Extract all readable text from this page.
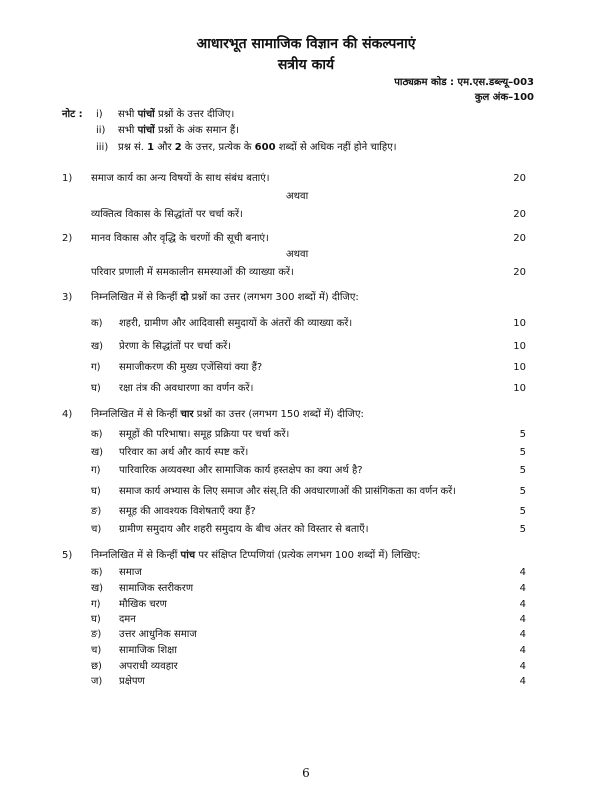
आधारभूत सामाजिक विज्ञान की संकल्पनाएं
सत्रीय कार्य
पाठ्यक्रम कोड : एम.एस.डब्ल्यू–003
कुल अंक–100
नोट : i) सभी पांचों प्रश्नों के उत्तर दीजिए।
ii) सभी पांचों प्रश्नों के अंक समान हैं।
iii) प्रश्न सं. 1 और 2 के उत्तर, प्रत्येक के 600 शब्दों से अधिक नहीं होने चाहिए।
1) समाज कार्य का अन्य विषयों के साथ संबंध बताएं।	20
अथवा
व्यक्तित्व विकास के सिद्धांतों पर चर्चा करें।	20
2) मानव विकास और वृद्धि के चरणों की सूची बनाएं।	20
अथवा
परिवार प्रणाली में समकालीन समस्याओं की व्याख्या करें।	20
3) निम्नलिखित में से किन्हीं दो प्रश्नों का उत्तर (लगभग 300 शब्दों में) दीजिए:
क) शहरी, ग्रामीण और आदिवासी समुदायों के अंतरों की व्याख्या करें।	10
ख) प्रेरणा के सिद्धांतों पर चर्चा करें।	10
ग) समाजीकरण की मुख्य एजेंसियां क्या हैं?	10
घ) रक्षा तंत्र की अवधारणा का वर्णन करें।	10
4) निम्नलिखित में से किन्हीं चार प्रश्नों का उत्तर (लगभग 150 शब्दों में) दीजिए:
क) समूहों की परिभाषा। समूह प्रक्रिया पर चर्चा करें।	5
ख) परिवार का अर्थ और कार्य स्पष्ट करें।	5
ग) पारिवारिक अव्यवस्था और सामाजिक कार्य हस्तक्षेप का क्या अर्थ है?	5
घ) समाज कार्य अभ्यास के लिए समाज और संस्.ति की अवधारणाओं की प्रासंगिकता का वर्णन करें।	5
ङ) समूह की आवश्यक विशेषताएँ क्या हैं?	5
च) ग्रामीण समुदाय और शहरी समुदाय के बीच अंतर को विस्तार से बताएँ।	5
5) निम्नलिखित में से किन्हीं पांच पर संक्षिप्त टिप्पणियां (प्रत्येक लगभग 100 शब्दों में) लिखिए:
क) समाज	4
ख) सामाजिक स्तरीकरण	4
ग) मौखिक चरण	4
घ) दमन	4
ङ) उत्तर आधुनिक समाज	4
च) सामाजिक शिक्षा	4
छ) अपराधी व्यवहार	4
ज) प्रक्षेपण	4
6
